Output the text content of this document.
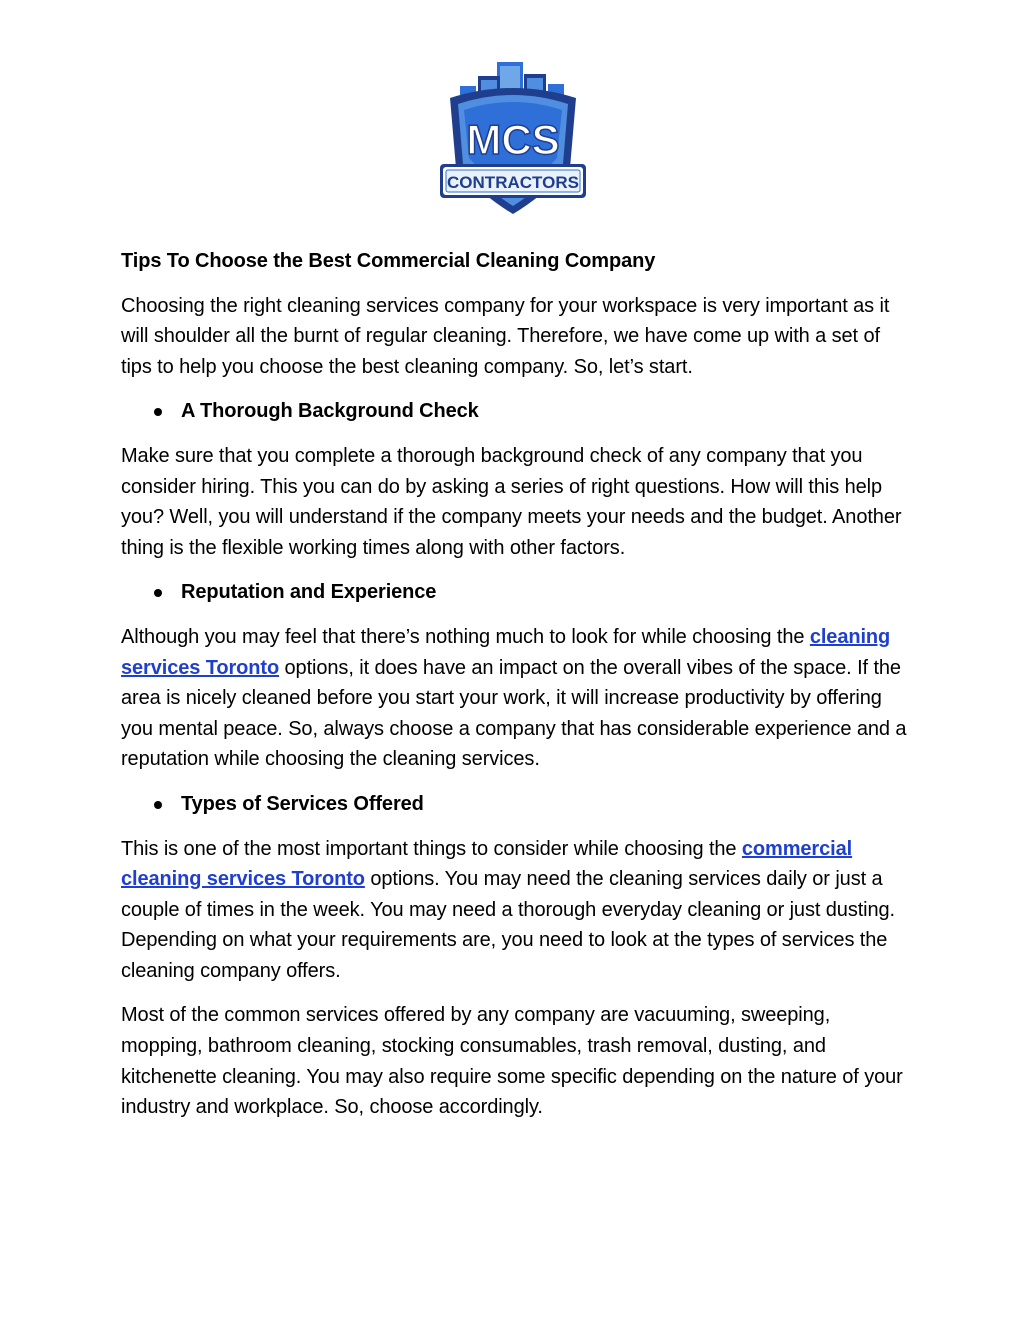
MCS
CONTRACTORS
Tips To Choose the Best Commercial Cleaning Company

Choosing the right cleaning services company for your workspace is very important as it will shoulder all the burnt of regular cleaning. Therefore, we have come up with a set of tips to help you choose the best cleaning company. So, let’s start.

A Thorough Background Check

Make sure that you complete a thorough background check of any company that you consider hiring. This you can do by asking a series of right questions. How will this help you? Well, you will understand if the company meets your needs and the budget. Another thing is the flexible working times along with other factors.

Reputation and Experience

Although you may feel that there’s nothing much to look for while choosing the cleaning services Toronto options, it does have an impact on the overall vibes of the space. If the area is nicely cleaned before you start your work, it will increase productivity by offering you mental peace. So, always choose a company that has considerable experience and a reputation while choosing the cleaning services.

Types of Services Offered

This is one of the most important things to consider while choosing the commercial cleaning services Toronto options. You may need the cleaning services daily or just a couple of times in the week. You may need a thorough everyday cleaning or just dusting. Depending on what your requirements are, you need to look at the types of services the cleaning company offers.

Most of the common services offered by any company are vacuuming, sweeping, mopping, bathroom cleaning, stocking consumables, trash removal, dusting, and kitchenette cleaning. You may also require some specific depending on the nature of your industry and workplace. So, choose accordingly.
